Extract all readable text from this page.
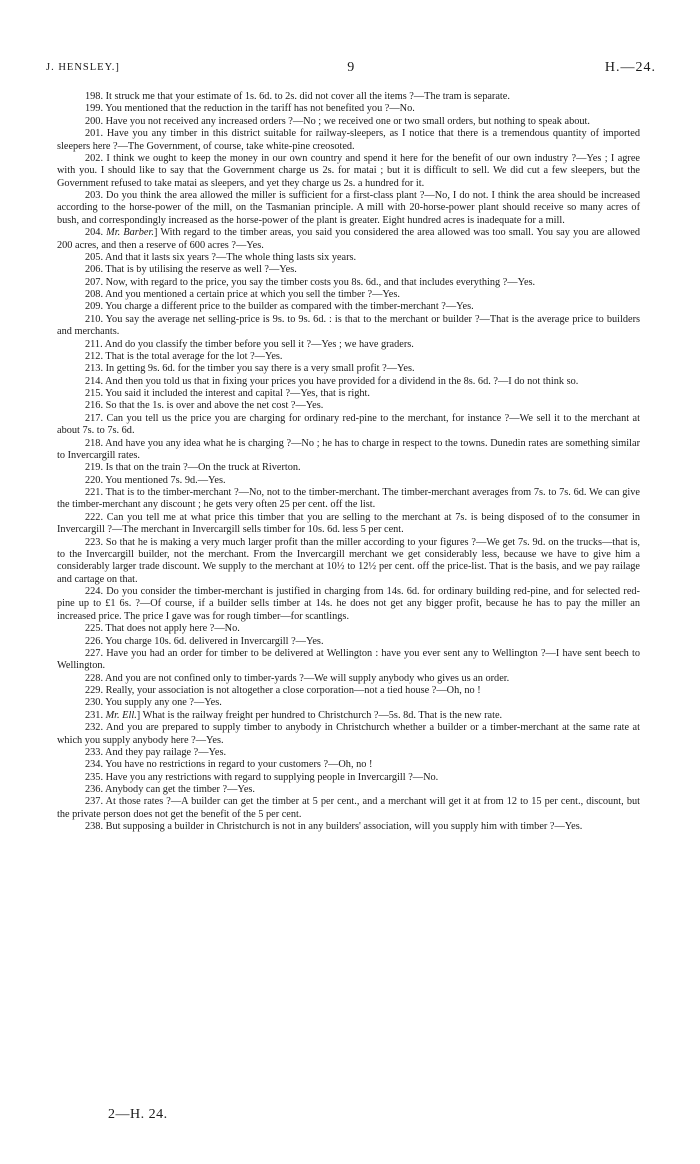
J. HENSLEY.]	9	H.—24.

198. It struck me that your estimate of 1s. 6d. to 2s. did not cover all the items ?—The tram is separate.

199. You mentioned that the reduction in the tariff has not benefited you ?—No.

200. Have you not received any increased orders ?—No ; we received one or two small orders, but nothing to speak about.

201. Have you any timber in this district suitable for railway-sleepers, as I notice that there is a tremendous quantity of imported sleepers here ?—The Government, of course, take white-pine creosoted.

202. I think we ought to keep the money in our own country and spend it here for the benefit of our own industry ?—Yes ; I agree with you. I should like to say that the Government charge us 2s. for matai ; but it is difficult to sell. We did cut a few sleepers, but the Government refused to take matai as sleepers, and yet they charge us 2s. a hundred for it.

203. Do you think the area allowed the miller is sufficient for a first-class plant ?—No, I do not. I think the area should be increased according to the horse-power of the mill, on the Tasmanian principle. A mill with 20-horse-power plant should receive so many acres of bush, and correspondingly increased as the horse-power of the plant is greater. Eight hundred acres is inadequate for a mill.

204. Mr. Barber.] With regard to the timber areas, you said you considered the area allowed was too small. You say you are allowed 200 acres, and then a reserve of 600 acres ?—Yes.

205. And that it lasts six years ?—The whole thing lasts six years.

206. That is by utilising the reserve as well ?—Yes.

207. Now, with regard to the price, you say the timber costs you 8s. 6d., and that includes everything ?—Yes.

208. And you mentioned a certain price at which you sell the timber ?—Yes.

209. You charge a different price to the builder as compared with the timber-merchant ?—Yes.

210. You say the average net selling-price is 9s. to 9s. 6d. : is that to the merchant or builder ?—That is the average price to builders and merchants.

211. And do you classify the timber before you sell it ?—Yes ; we have graders.

212. That is the total average for the lot ?—Yes.

213. In getting 9s. 6d. for the timber you say there is a very small profit ?—Yes.

214. And then you told us that in fixing your prices you have provided for a dividend in the 8s. 6d. ?—I do not think so.

215. You said it included the interest and capital ?—Yes, that is right.

216. So that the 1s. is over and above the net cost ?—Yes.

217. Can you tell us the price you are charging for ordinary red-pine to the merchant, for instance ?—We sell it to the merchant at about 7s. to 7s. 6d.

218. And have you any idea what he is charging ?—No ; he has to charge in respect to the towns. Dunedin rates are something similar to Invercargill rates.

219. Is that on the train ?—On the truck at Riverton.

220. You mentioned 7s. 9d.—Yes.

221. That is to the timber-merchant ?—No, not to the timber-merchant. The timber-merchant averages from 7s. to 7s. 6d. We can give the timber-merchant any discount ; he gets very often 25 per cent. off the list.

222. Can you tell me at what price this timber that you are selling to the merchant at 7s. is being disposed of to the consumer in Invercargill ?—The merchant in Invercargill sells timber for 10s. 6d. less 5 per cent.

223. So that he is making a very much larger profit than the miller according to your figures ?—We get 7s. 9d. on the trucks—that is, to the Invercargill builder, not the merchant. From the Invercargill merchant we get considerably less, because we have to give him a considerably larger trade discount. We supply to the merchant at 10½ to 12½ per cent. off the price-list. That is the basis, and we pay railage and cartage on that.

224. Do you consider the timber-merchant is justified in charging from 14s. 6d. for ordinary building red-pine, and for selected red-pine up to £1 6s. ?—Of course, if a builder sells timber at 14s. he does not get any bigger profit, because he has to pay the miller an increased price. The price I gave was for rough timber—for scantlings.

225. That does not apply here ?—No.

226. You charge 10s. 6d. delivered in Invercargill ?—Yes.

227. Have you had an order for timber to be delivered at Wellington : have you ever sent any to Wellington ?—I have sent beech to Wellington.

228. And you are not confined only to timber-yards ?—We will supply anybody who gives us an order.

229. Really, your association is not altogether a close corporation—not a tied house ?—Oh, no !

230. You supply any one ?—Yes.

231. Mr. Ell.] What is the railway freight per hundred to Christchurch ?—5s. 8d. That is the new rate.

232. And you are prepared to supply timber to anybody in Christchurch whether a builder or a timber-merchant at the same rate at which you supply anybody here ?—Yes.

233. And they pay railage ?—Yes.

234. You have no restrictions in regard to your customers ?—Oh, no !

235. Have you any restrictions with regard to supplying people in Invercargill ?—No.

236. Anybody can get the timber ?—Yes.

237. At those rates ?—A builder can get the timber at 5 per cent., and a merchant will get it at from 12 to 15 per cent., discount, but the private person does not get the benefit of the 5 per cent.

238. But supposing a builder in Christchurch is not in any builders' association, will you supply him with timber ?—Yes.

2—H. 24.
